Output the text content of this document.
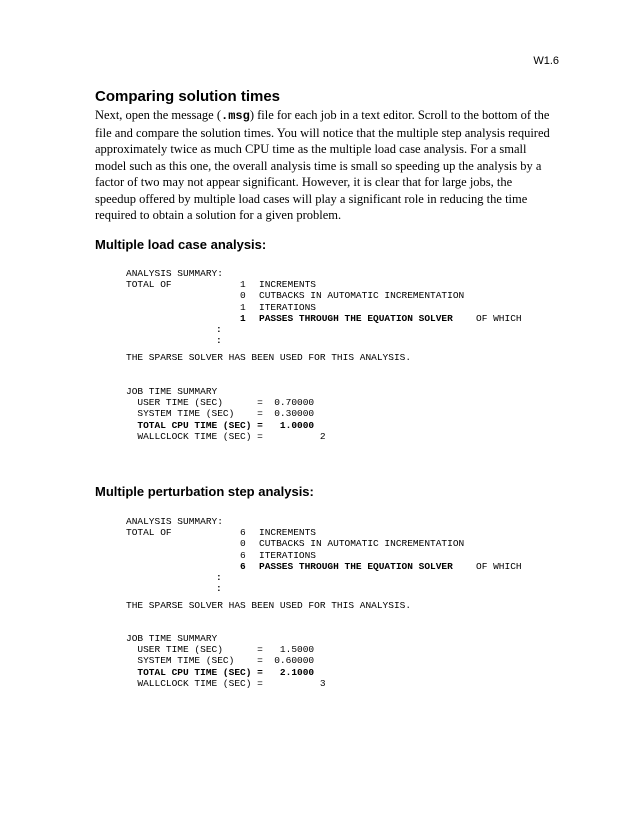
W1.6
Comparing solution times
Next, open the message (.msg) file for each job in a text editor. Scroll to the bottom of the file and compare the solution times. You will notice that the multiple step analysis required approximately twice as much CPU time as the multiple load case analysis. For a small model such as this one, the overall analysis time is small so speeding up the analysis by a factor of two may not appear significant. However, it is clear that for large jobs, the speedup offered by multiple load cases will play a significant role in reducing the time required to obtain a solution for a given problem.
Multiple load case analysis:
ANALYSIS SUMMARY:
TOTAL OF	1 INCREMENTS
0 CUTBACKS IN AUTOMATIC INCREMENTATION
1 ITERATIONS
1 PASSES THROUGH THE EQUATION SOLVER OF WHICH
:
:
THE SPARSE SOLVER HAS BEEN USED FOR THIS ANALYSIS.
JOB TIME SUMMARY
USER TIME (SEC)      =  0.70000
SYSTEM TIME (SEC)    =  0.30000
TOTAL CPU TIME (SEC) =   1.0000
WALLCLOCK TIME (SEC) =          2
Multiple perturbation step analysis:
ANALYSIS SUMMARY:
TOTAL OF	6 INCREMENTS
0 CUTBACKS IN AUTOMATIC INCREMENTATION
6 ITERATIONS
6 PASSES THROUGH THE EQUATION SOLVER OF WHICH
:
:
THE SPARSE SOLVER HAS BEEN USED FOR THIS ANALYSIS.
JOB TIME SUMMARY
USER TIME (SEC)      =   1.5000
SYSTEM TIME (SEC)    =  0.60000
TOTAL CPU TIME (SEC) =   2.1000
WALLCLOCK TIME (SEC) =          3
